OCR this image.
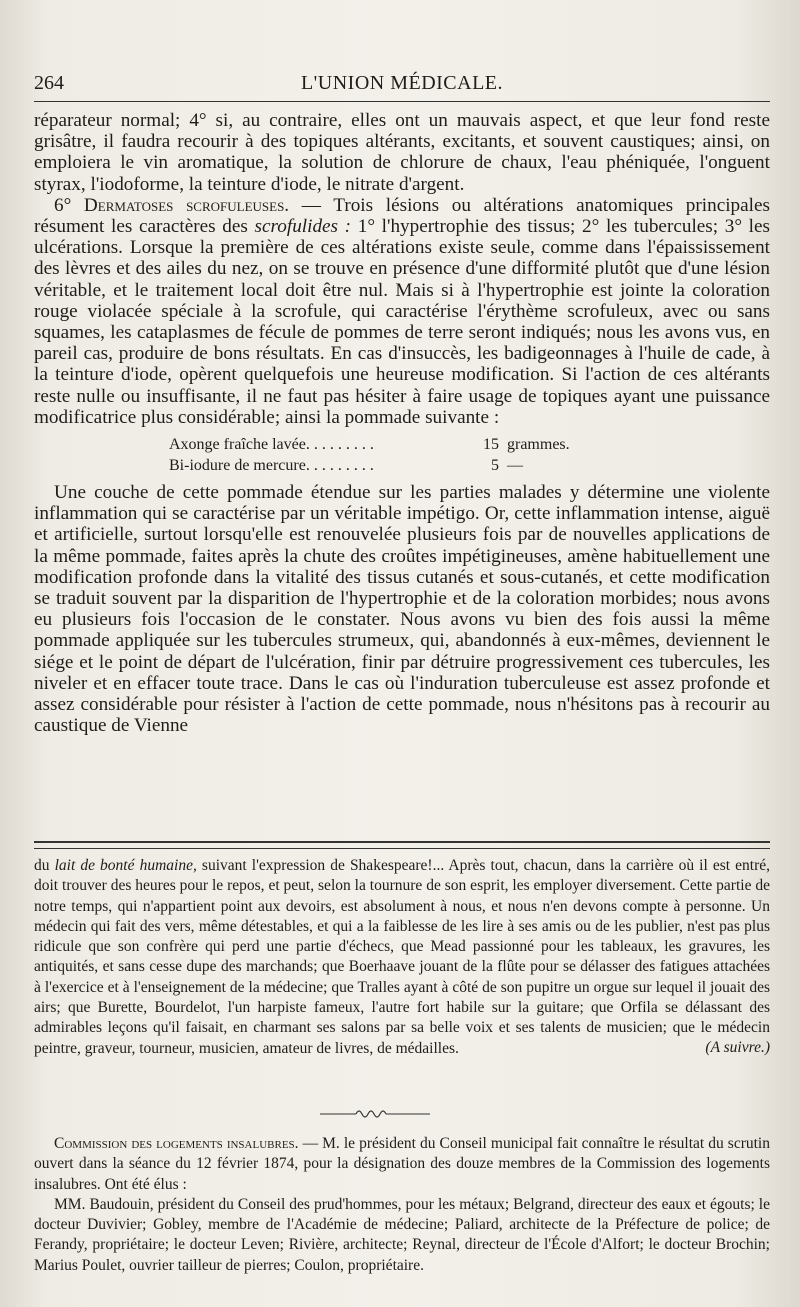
264	L'UNION MÉDICALE.

réparateur normal; 4° si, au contraire, elles ont un mauvais aspect, et que leur fond reste grisâtre, il faudra recourir à des topiques altérants, excitants, et souvent caustiques; ainsi, on emploiera le vin aromatique, la solution de chlorure de chaux, l'eau phéniquée, l'onguent styrax, l'iodoforme, la teinture d'iode, le nitrate d'argent.

6° Dermatoses scrofuleuses. — Trois lésions ou altérations anatomiques principales résument les caractères des scrofulides : 1° l'hypertrophie des tissus; 2° les tubercules; 3° les ulcérations. Lorsque la première de ces altérations existe seule, comme dans l'épaississement des lèvres et des ailes du nez, on se trouve en présence d'une difformité plutôt que d'une lésion véritable, et le traitement local doit être nul. Mais si à l'hypertrophie est jointe la coloration rouge violacée spéciale à la scrofule, qui caractérise l'érythème scrofuleux, avec ou sans squames, les cataplasmes de fécule de pommes de terre seront indiqués; nous les avons vus, en pareil cas, produire de bons résultats. En cas d'insuccès, les badigeonnages à l'huile de cade, à la teinture d'iode, opèrent quelquefois une heureuse modification. Si l'action de ces altérants reste nulle ou insuffisante, il ne faut pas hésiter à faire usage de topiques ayant une puissance modificatrice plus considérable; ainsi la pommade suivante :

Axonge fraîche lavée. . . . . . . . .	15 grammes.
Bi-iodure de mercure. . . . . . . . .	5 —

Une couche de cette pommade étendue sur les parties malades y détermine une violente inflammation qui se caractérise par un véritable impétigo. Or, cette inflammation intense, aiguë et artificielle, surtout lorsqu'elle est renouvelée plusieurs fois par de nouvelles applications de la même pommade, faites après la chute des croûtes impétigineuses, amène habituellement une modification profonde dans la vitalité des tissus cutanés et sous-cutanés, et cette modification se traduit souvent par la disparition de l'hypertrophie et de la coloration morbides; nous avons eu plusieurs fois l'occasion de le constater. Nous avons vu bien des fois aussi la même pommade appliquée sur les tubercules strumeux, qui, abandonnés à eux-mêmes, deviennent le siége et le point de départ de l'ulcération, finir par détruire progressivement ces tubercules, les niveler et en effacer toute trace. Dans le cas où l'induration tuberculeuse est assez profonde et assez considérable pour résister à l'action de cette pommade, nous n'hésitons pas à recourir au caustique de Vienne

du lait de bonté humaine, suivant l'expression de Shakespeare!... Après tout, chacun, dans la carrière où il est entré, doit trouver des heures pour le repos, et peut, selon la tournure de son esprit, les employer diversement. Cette partie de notre temps, qui n'appartient point aux devoirs, est absolument à nous, et nous n'en devons compte à personne. Un médecin qui fait des vers, même détestables, et qui a la faiblesse de les lire à ses amis ou de les publier, n'est pas plus ridicule que son confrère qui perd une partie d'échecs, que Mead passionné pour les tableaux, les gravures, les antiquités, et sans cesse dupe des marchands; que Boerhaave jouant de la flûte pour se délasser des fatigues attachées à l'exercice et à l'enseignement de la médecine; que Tralles ayant à côté de son pupitre un orgue sur lequel il jouait des airs; que Burette, Bourdelot, l'un harpiste fameux, l'autre fort habile sur la guitare; que Orfila se délassant des admirables leçons qu'il faisait, en charmant ses salons par sa belle voix et ses talents de musicien; que le médecin peintre, graveur, tourneur, musicien, amateur de livres, de médailles.	(A suivre.)

Commission des logements insalubres. — M. le président du Conseil municipal fait connaître le résultat du scrutin ouvert dans la séance du 12 février 1874, pour la désignation des douze membres de la Commission des logements insalubres. Ont été élus :

MM. Baudouin, président du Conseil des prud'hommes, pour les métaux; Belgrand, directeur des eaux et égouts; le docteur Duvivier; Gobley, membre de l'Académie de médecine; Paliard, architecte de la Préfecture de police; de Ferandy, propriétaire; le docteur Leven; Rivière, architecte; Reynal, directeur de l'École d'Alfort; le docteur Brochin; Marius Poulet, ouvrier tailleur de pierres; Coulon, propriétaire.
